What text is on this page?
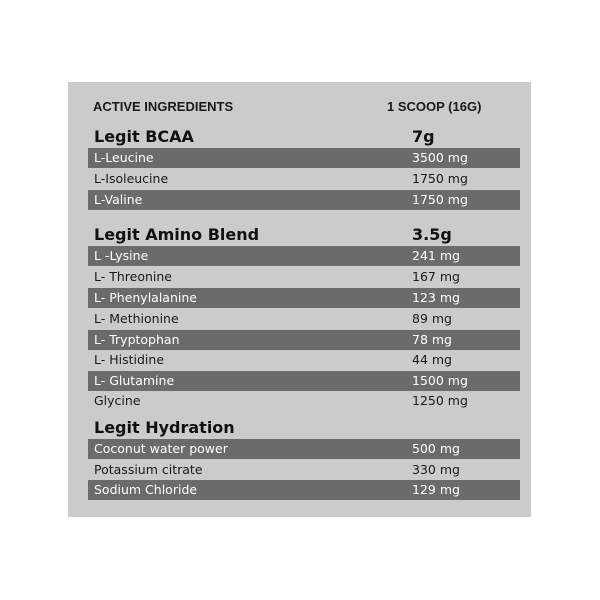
ACTIVE INGREDIENTS	1 SCOOP (16G)
Legit BCAA	7g
L-Leucine	3500 mg
L-Isoleucine	1750 mg
L-Valine	1750 mg
Legit Amino Blend	3.5g
L -Lysine	241 mg
L- Threonine	167 mg
L- Phenylalanine	123 mg
L- Methionine	89 mg
L- Tryptophan	78 mg
L- Histidine	44 mg
L- Glutamine	1500 mg
Glycine	1250 mg
Legit Hydration
Coconut water power	500 mg
Potassium citrate	330 mg
Sodium Chloride	129 mg
